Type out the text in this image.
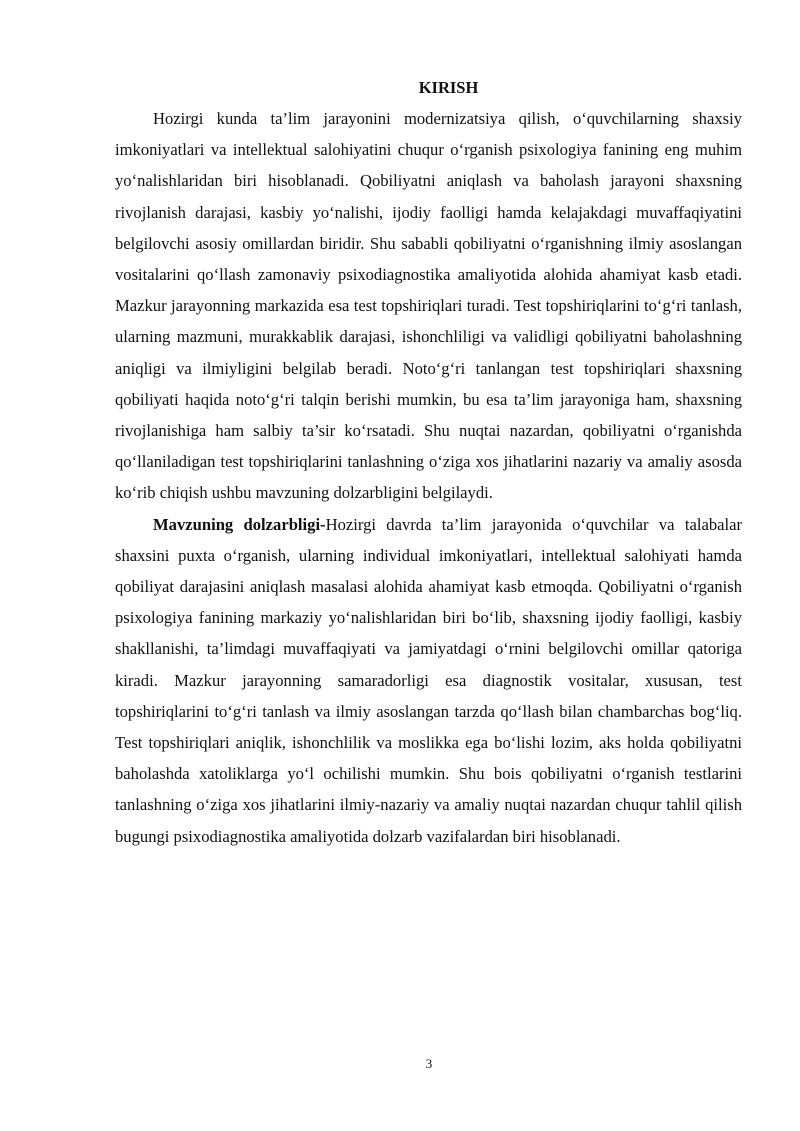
KIRISH

Hozirgi kunda ta’lim jarayonini modernizatsiya qilish, o‘quvchilarning shaxsiy imkoniyatlari va intellektual salohiyatini chuqur o‘rganish psixologiya fanining eng muhim yo‘nalishlaridan biri hisoblanadi. Qobiliyatni aniqlash va baholash jarayoni shaxsning rivojlanish darajasi, kasbiy yo‘nalishi, ijodiy faolligi hamda kelajakdagi muvaffaqiyatini belgilovchi asosiy omillardan biridir. Shu sababli qobiliyatni o‘rganishning ilmiy asoslangan vositalarini qo‘llash zamonaviy psixodiagnostika amaliyotida alohida ahamiyat kasb etadi. Mazkur jarayonning markazida esa test topshiriqlari turadi. Test topshiriqlarini to‘g‘ri tanlash, ularning mazmuni, murakkablik darajasi, ishonchliligi va validligi qobiliyatni baholashning aniqligi va ilmiyligini belgilab beradi. Noto‘g‘ri tanlangan test topshiriqlari shaxsning qobiliyati haqida noto‘g‘ri talqin berishi mumkin, bu esa ta’lim jarayoniga ham, shaxsning rivojlanishiga ham salbiy ta’sir ko‘rsatadi. Shu nuqtai nazardan, qobiliyatni o‘rganishda qo‘llaniladigan test topshiriqlarini tanlashning o‘ziga xos jihatlarini nazariy va amaliy asosda ko‘rib chiqish ushbu mavzuning dolzarbligini belgilaydi.

Mavzuning dolzarbligi-Hozirgi davrda ta’lim jarayonida o‘quvchilar va talabalar shaxsini puxta o‘rganish, ularning individual imkoniyatlari, intellektual salohiyati hamda qobiliyat darajasini aniqlash masalasi alohida ahamiyat kasb etmoqda. Qobiliyatni o‘rganish psixologiya fanining markaziy yo‘nalishlaridan biri bo‘lib, shaxsning ijodiy faolligi, kasbiy shakllanishi, ta’limdagi muvaffaqiyati va jamiyatdagi o‘rnini belgilovchi omillar qatoriga kiradi. Mazkur jarayonning samaradorligi esa diagnostik vositalar, xususan, test topshiriqlarini to‘g‘ri tanlash va ilmiy asoslangan tarzda qo‘llash bilan chambarchas bog‘liq. Test topshiriqlari aniqlik, ishonchlilik va moslikka ega bo‘lishi lozim, aks holda qobiliyatni baholashda xatoliklarga yo‘l ochilishi mumkin. Shu bois qobiliyatni o‘rganish testlarini tanlashning o‘ziga xos jihatlarini ilmiy-nazariy va amaliy nuqtai nazardan chuqur tahlil qilish bugungi psixodiagnostika amaliyotida dolzarb vazifalardan biri hisoblanadi.

3
